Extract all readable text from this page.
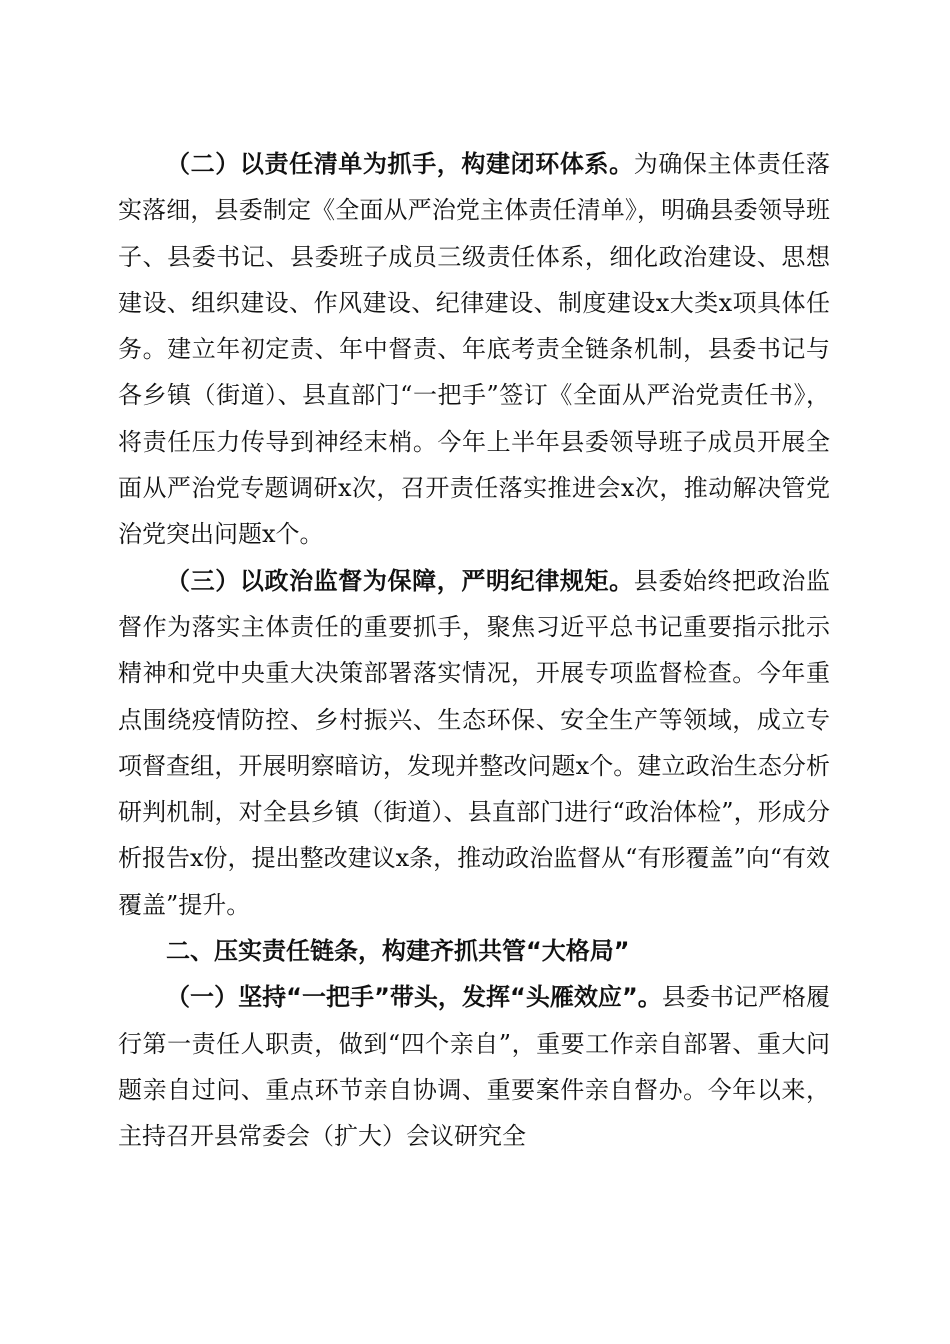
（二）以责任清单为抓手，构建闭环体系。为确保主体责任落实落细，县委制定《全面从严治党主体责任清单》，明确县委领导班子、县委书记、县委班子成员三级责任体系，细化政治建设、思想建设、组织建设、作风建设、纪律建设、制度建设x大类x项具体任务。建立年初定责、年中督责、年底考责全链条机制，县委书记与各乡镇（街道）、县直部门“一把手”签订《全面从严治党责任书》，将责任压力传导到神经末梢。今年上半年县委领导班子成员开展全面从严治党专题调研x次，召开责任落实推进会x次，推动解决管党治党突出问题x个。

（三）以政治监督为保障，严明纪律规矩。县委始终把政治监督作为落实主体责任的重要抓手，聚焦习近平总书记重要指示批示精神和党中央重大决策部署落实情况，开展专项监督检查。今年重点围绕疫情防控、乡村振兴、生态环保、安全生产等领域，成立专项督查组，开展明察暗访，发现并整改问题x个。建立政治生态分析研判机制，对全县乡镇（街道）、县直部门进行“政治体检”，形成分析报告x份，提出整改建议x条，推动政治监督从“有形覆盖”向“有效覆盖”提升。

二、压实责任链条，构建齐抓共管“大格局”

（一）坚持“一把手”带头，发挥“头雁效应”。县委书记严格履行第一责任人职责，做到“四个亲自”，重要工作亲自部署、重大问题亲自过问、重点环节亲自协调、重要案件亲自督办。今年以来，主持召开县常委会（扩大）会议研究全
